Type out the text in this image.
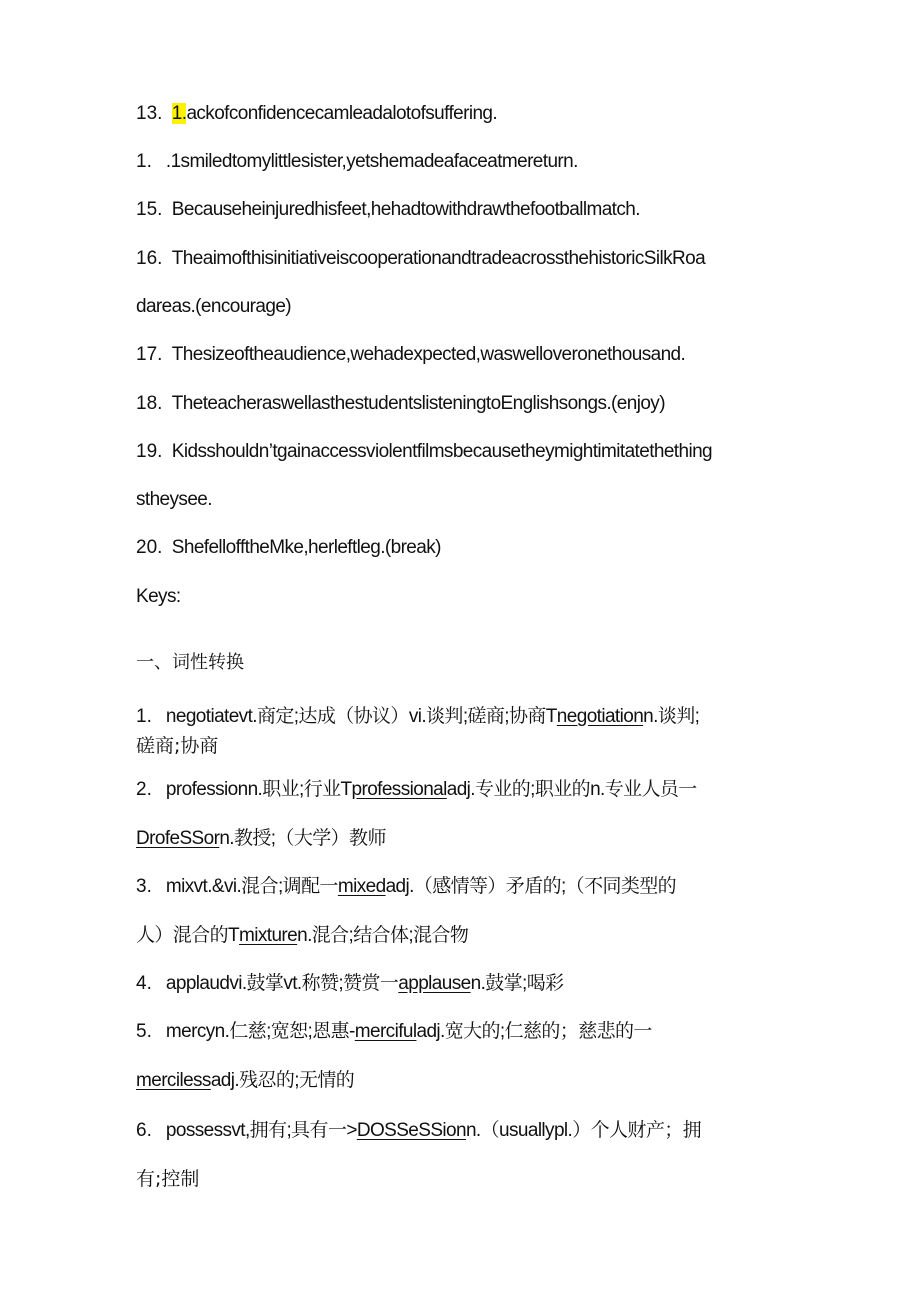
13. 1.ackofconfidencecamleadalotofsuffering.
1. .1smiledtomylittlesister,yetshemadeafaceatmereturn.
15. Becauseheinjuredhisfeet,hehadtowithdrawthefootballmatch.
16. TheaimofthisinitiativeiscooperationandtradeacrossthehistoricSilkRoa
dareas.(encourage)
17. Thesizeoftheaudience,wehadexpected,waswelloveronethousand.
18. TheteacheraswellasthestudentslisteningtoEnglishsongs.(enjoy)
19. Kidsshouldn’tgainaccessviolentfilmsbecausetheymightimitatethething
stheysee.
20. ShefellofftheMke,herleftleg.(break)
Keys:
一、词性转换
1. negotiatevt.商定;达成（协议）vi.谈判;磋商;协商Tnegotiationn.谈判;
磋商;协商
2. professionn.职业;行业Tprofessionaladj.专业的;职业的n.专业人员一
DrofeSSorn.教授;（大学）教师
3. mixvt.&vi.混合;调配一mixedadj.（感情等）矛盾的;（不同类型的
人）混合的Tmixturen.混合;结合体;混合物
4. applaudvi.鼓掌vt.称赞;赞赏一applausen.鼓掌;喝彩
5. mercyn.仁慈;宽恕;恩惠-mercifuladj.宽大的;仁慈的；慈悲的一
mercilessadj.残忍的;无情的
6. possessvt,拥有;具有一>DOSSeSSionn.（usuallypl.）个人财产；拥
有;控制
